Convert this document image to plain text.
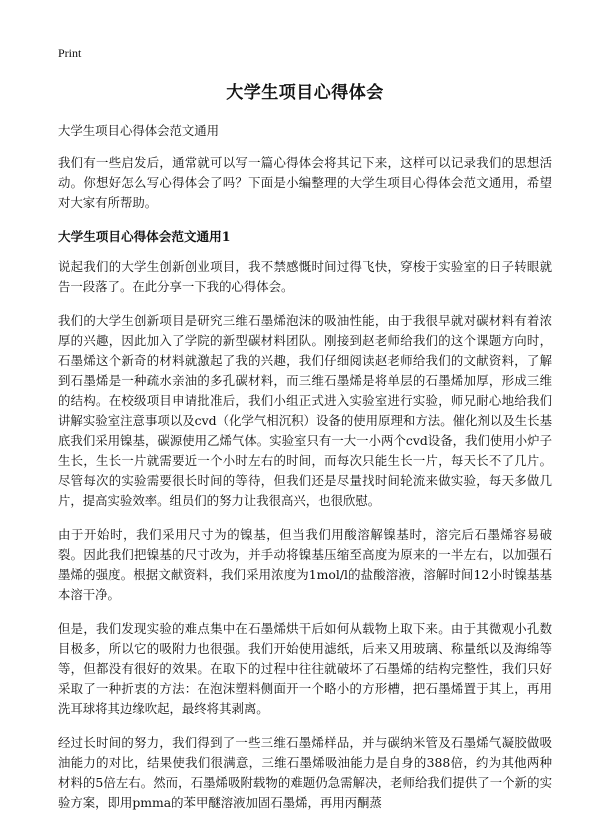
Print
大学生项目心得体会

大学生项目心得体会范文通用

我们有一些启发后，通常就可以写一篇心得体会将其记下来，这样可以记录我们的思想活动。你想好怎么写心得体会了吗？下面是小编整理的大学生项目心得体会范文通用，希望对大家有所帮助。

大学生项目心得体会范文通用1

说起我们的大学生创新创业项目，我不禁感慨时间过得飞快，穿梭于实验室的日子转眼就告一段落了。在此分享一下我的心得体会。

我们的大学生创新项目是研究三维石墨烯泡沫的吸油性能，由于我很早就对碳材料有着浓厚的兴趣，因此加入了学院的新型碳材料团队。刚接到赵老师给我们的这个课题方向时，石墨烯这个新奇的材料就激起了我的兴趣，我们仔细阅读赵老师给我们的文献资料，了解到石墨烯是一种疏水亲油的多孔碳材料，而三维石墨烯是将单层的石墨烯加厚，形成三维的结构。在校级项目申请批准后，我们小组正式进入实验室进行实验，师兄耐心地给我们讲解实验室注意事项以及cvd（化学气相沉积）设备的使用原理和方法。催化剂以及生长基底我们采用镍基，碳源使用乙烯气体。实验室只有一大一小两个cvd设备，我们使用小炉子生长，生长一片就需要近一个小时左右的时间，而每次只能生长一片，每天长不了几片。尽管每次的实验需要很长时间的等待，但我们还是尽量找时间轮流来做实验，每天多做几片，提高实验效率。组员们的努力让我很高兴，也很欣慰。

由于开始时，我们采用尺寸为的镍基，但当我们用酸溶解镍基时，溶完后石墨烯容易破裂。因此我们把镍基的尺寸改为，并手动将镍基压缩至高度为原来的一半左右，以加强石墨烯的强度。根据文献资料，我们采用浓度为1mol/l的盐酸溶液，溶解时间12小时镍基基本溶干净。

但是，我们发现实验的难点集中在石墨烯烘干后如何从载物上取下来。由于其微观小孔数目极多，所以它的吸附力也很强。我们开始使用滤纸，后来又用玻璃、称量纸以及海绵等等，但都没有很好的效果。在取下的过程中往往就破坏了石墨烯的结构完整性，我们只好采取了一种折衷的方法：在泡沫塑料侧面开一个略小的方形槽，把石墨烯置于其上，再用洗耳球将其边缘吹起，最终将其剥离。

经过长时间的努力，我们得到了一些三维石墨烯样品，并与碳纳米管及石墨烯气凝胶做吸油能力的对比，结果使我们很满意，三维石墨烯吸油能力是自身的388倍，约为其他两种材料的5倍左右。然而，石墨烯吸附载物的难题仍急需解决，老师给我们提供了一个新的实验方案，即用pmma的苯甲醚溶液加固石墨烯，再用丙酮蒸
